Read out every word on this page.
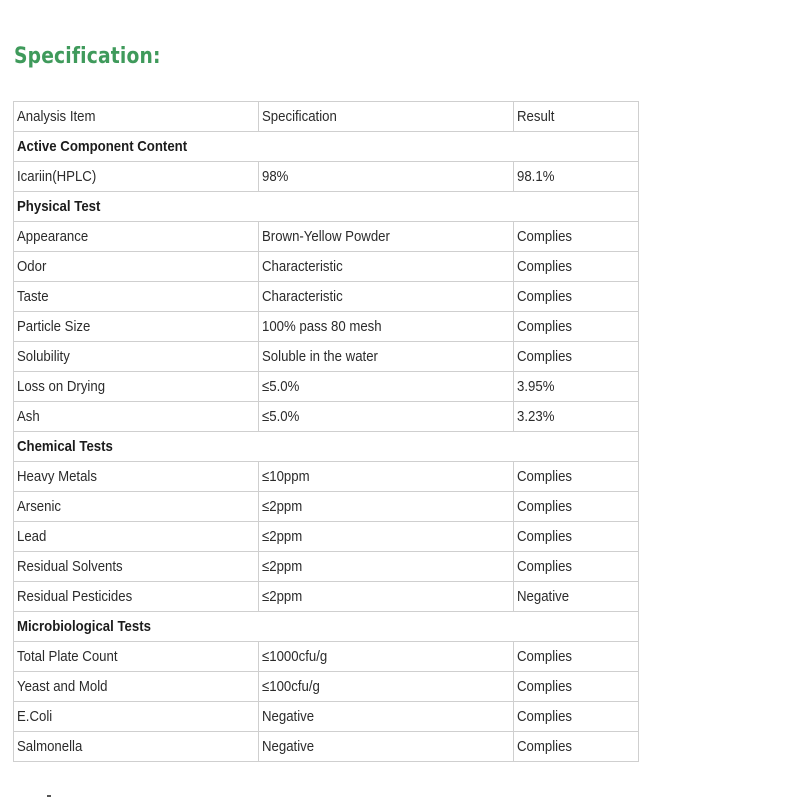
Specification:
Analysis Item	Specification	Result
Active Component Content		
Icariin(HPLC)	98%	98.1%
Physical Test		
Appearance	Brown-Yellow Powder	Complies
Odor	Characteristic	Complies
Taste	Characteristic	Complies
Particle Size	100% pass 80 mesh	Complies
Solubility	Soluble in the water	Complies
Loss on Drying	≤5.0%	3.95%
Ash	≤5.0%	3.23%
Chemical Tests		
Heavy Metals	≤10ppm	Complies
Arsenic	≤2ppm	Complies
Lead	≤2ppm	Complies
Residual Solvents	≤2ppm	Complies
Residual Pesticides	≤2ppm	Negative
Microbiological Tests		
Total Plate Count	≤1000cfu/g	Complies
Yeast and Mold	≤100cfu/g	Complies
E.Coli	Negative	Complies
Salmonella	Negative	Complies
